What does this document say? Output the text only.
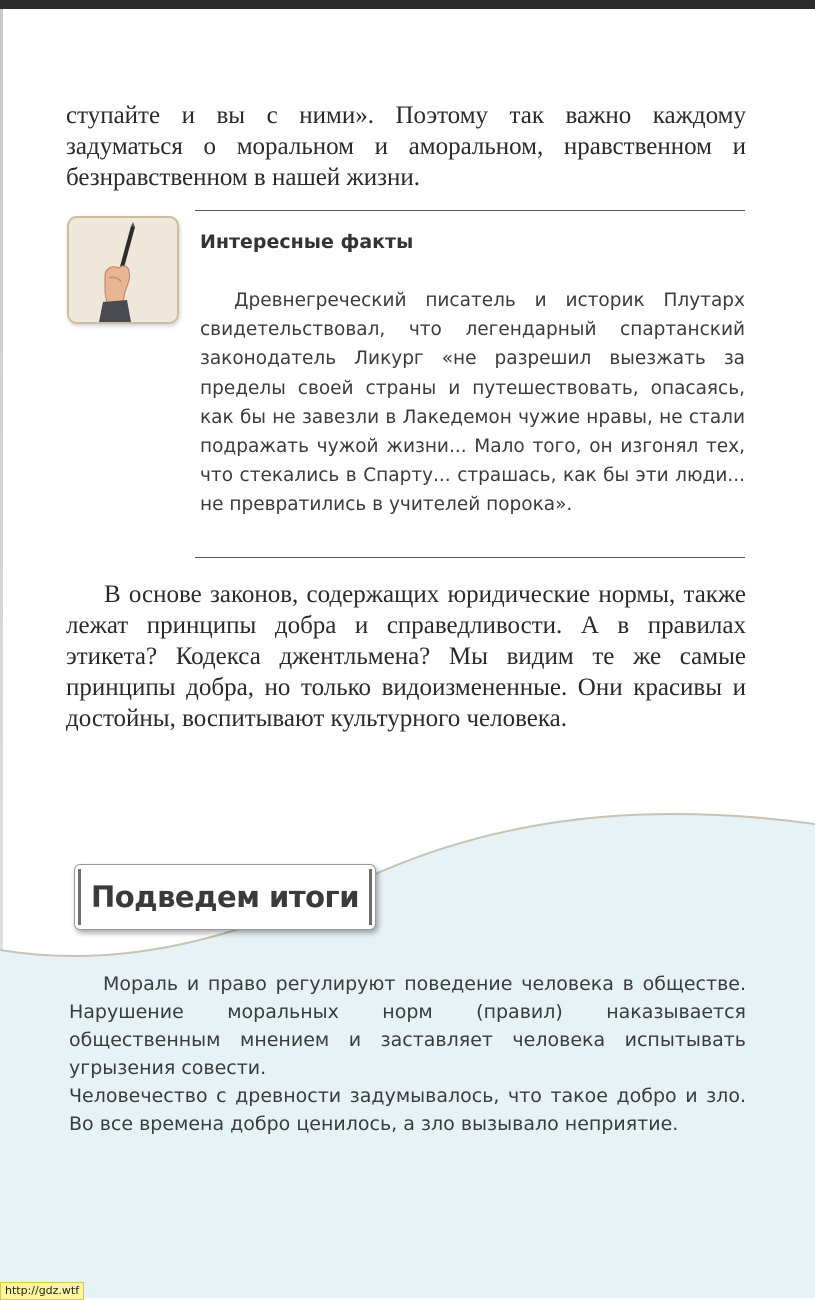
ступайте и вы с ними». Поэтому так важно каждому задуматься о моральном и аморальном, нравственном и безнравственном в нашей жизни.

Интересные факты

Древнегреческий писатель и историк Плутарх свидетельствовал, что легендарный спартанский законодатель Ликург «не разрешил выезжать за пределы своей страны и путешествовать, опасаясь, как бы не завезли в Лакедемон чужие нравы, не стали подражать чужой жизни... Мало того, он изгонял тех, что стекались в Спарту... страшась, как бы эти люди... не превратились в учителей порока».

В основе законов, содержащих юридические нормы, также лежат принципы добра и справедливости. А в правилах этикета? Кодекса джентльмена? Мы видим те же самые принципы добра, но только видоизмененные. Они красивы и достойны, воспитывают культурного человека.

Подведем итоги
Мораль и право регулируют поведение человека в обществе. Нарушение моральных норм (правил) наказывается общественным мнением и заставляет человека испытывать угрызения совести.
Человечество с древности задумывалось, что такое добро и зло. Во все времена добро ценилось, а зло вызывало неприятие.
http://gdz.wtf
